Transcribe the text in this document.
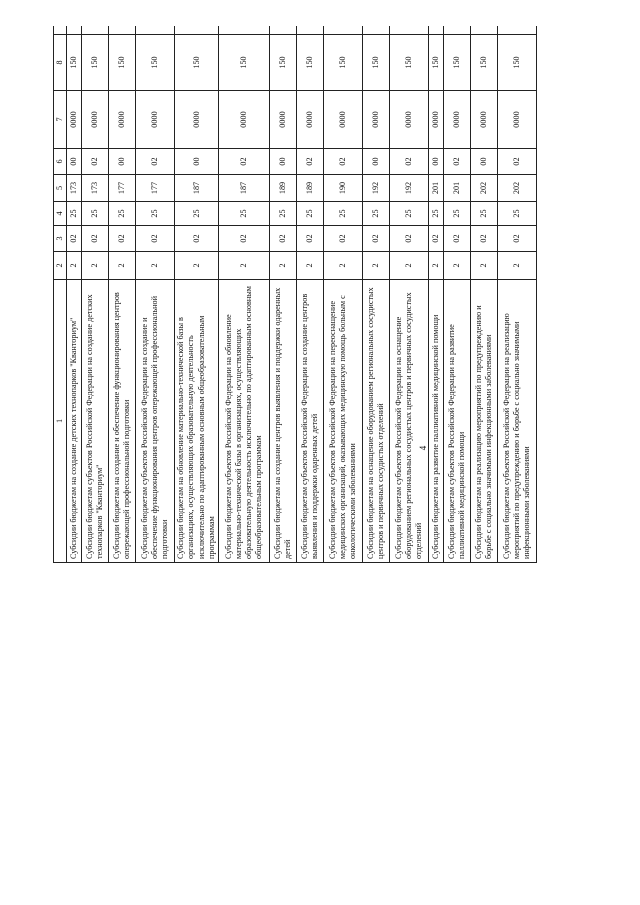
4
1	2	3	4	5	6	7	8			
Субсидии бюджетам на создание детских технопарков "Кванториум"	2	02	25	173	00	0000	150			
Субсидии бюджетам субъектов Российской Федерации на создание детских технопарков "Кванториум"	2	02	25	173	02	0000	150			
Субсидии бюджетам на создание и обеспечение функционирования центров опережающей профессиональной подготовки	2	02	25	177	00	0000	150			
Субсидии бюджетам субъектов Российской Федерации на создание и обеспечение функционирования центров опережающей профессиональной подготовки	2	02	25	177	02	0000	150			
Субсидии бюджетам на обновление материально-технической базы в организациях, осуществляющих образовательную деятельность исключительно по адаптированным основным общеобразовательным программам	2	02	25	187	00	0000	150			
Субсидии бюджетам субъектов Российской Федерации на обновление материально-технической базы в организациях, осуществляющих образовательную деятельность исключительно по адаптированным основным общеобразовательным программам	2	02	25	187	02	0000	150			
Субсидии бюджетам на создание центров выявления и поддержки одаренных детей	2	02	25	189	00	0000	150			
Субсидии бюджетам субъектов Российской Федерации на создание центров выявления и поддержки одаренных детей	2	02	25	189	02	0000	150			
Субсидии бюджетам субъектов Российской Федерации на переоснащение медицинских организаций, оказывающих медицинскую помощь больным с онкологическими заболеваниями	2	02	25	190	02	0000	150			
Субсидии бюджетам на оснащение оборудованием региональных сосудистых центров и первичных сосудистых отделений	2	02	25	192	00	0000	150			
Субсидии бюджетам субъектов Российской Федерации на оснащение оборудованием региональных сосудистых центров и первичных сосудистых отделений	2	02	25	192	02	0000	150			
Субсидии бюджетам на развитие паллиативной медицинской помощи	2	02	25	201	00	0000	150			
Субсидии бюджетам субъектов Российской Федерации на развитие паллиативной медицинской помощи	2	02	25	201	02	0000	150			
Субсидии бюджетам на реализацию мероприятий по предупреждению и борьбе с социально значимыми инфекционными заболеваниями	2	02	25	202	00	0000	150			
Субсидии бюджетам субъектов Российской Федерации на реализацию мероприятий по предупреждению и борьбе с социально значимыми инфекционными заболеваниями	2	02	25	202	02	0000	150			
